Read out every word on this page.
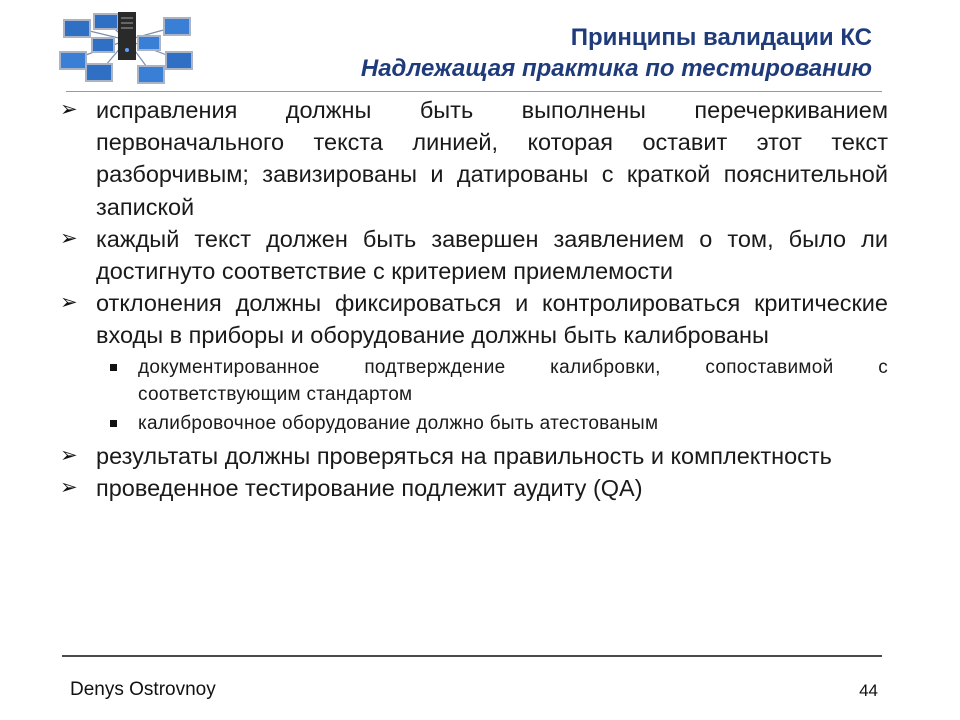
Принципы валидации КС
Надлежащая практика по тестированию
➢ исправления должны быть выполнены перечеркиванием первоначального текста линией, которая оставит этот текст разборчивым; завизированы и датированы с краткой пояснительной запиской
➢ каждый текст должен быть завершен заявлением о том, было ли достигнуто соответствие с критерием приемлемости
➢ отклонения должны фиксироваться и контролироваться критические входы в приборы и оборудование должны быть калиброваны
документированное подтверждение калибровки, сопоставимой с соответствующим стандартом
калибровочное оборудование должно быть атестованым
➢ результаты должны проверяться на правильность и комплектность
➢ проведенное тестирование подлежит аудиту (QA)
Denys Ostrovnoy	44
